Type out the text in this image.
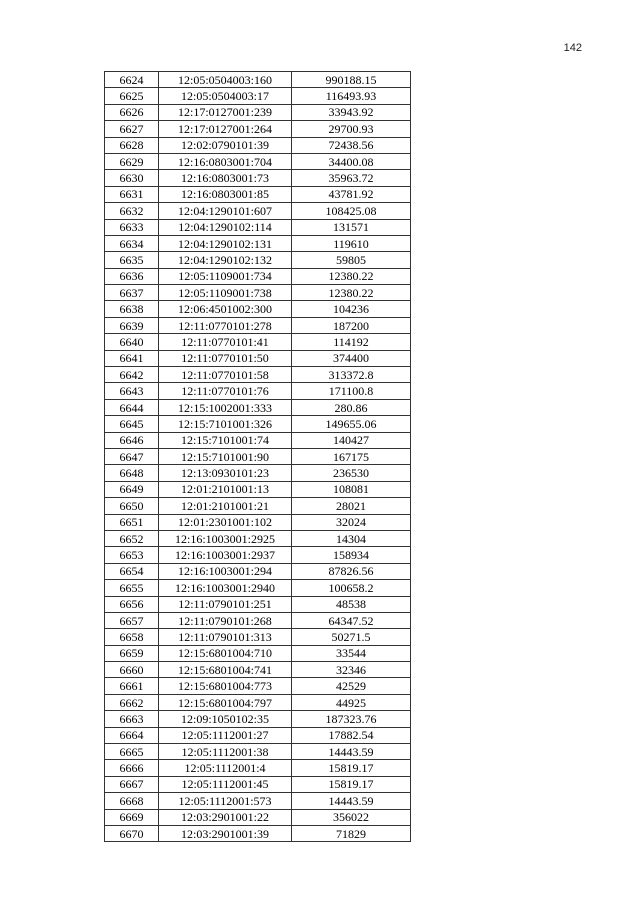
142
6624	12:05:0504003:160	990188.15
6625	12:05:0504003:17	116493.93
6626	12:17:0127001:239	33943.92
6627	12:17:0127001:264	29700.93
6628	12:02:0790101:39	72438.56
6629	12:16:0803001:704	34400.08
6630	12:16:0803001:73	35963.72
6631	12:16:0803001:85	43781.92
6632	12:04:1290101:607	108425.08
6633	12:04:1290102:114	131571
6634	12:04:1290102:131	119610
6635	12:04:1290102:132	59805
6636	12:05:1109001:734	12380.22
6637	12:05:1109001:738	12380.22
6638	12:06:4501002:300	104236
6639	12:11:0770101:278	187200
6640	12:11:0770101:41	114192
6641	12:11:0770101:50	374400
6642	12:11:0770101:58	313372.8
6643	12:11:0770101:76	171100.8
6644	12:15:1002001:333	280.86
6645	12:15:7101001:326	149655.06
6646	12:15:7101001:74	140427
6647	12:15:7101001:90	167175
6648	12:13:0930101:23	236530
6649	12:01:2101001:13	108081
6650	12:01:2101001:21	28021
6651	12:01:2301001:102	32024
6652	12:16:1003001:2925	14304
6653	12:16:1003001:2937	158934
6654	12:16:1003001:294	87826.56
6655	12:16:1003001:2940	100658.2
6656	12:11:0790101:251	48538
6657	12:11:0790101:268	64347.52
6658	12:11:0790101:313	50271.5
6659	12:15:6801004:710	33544
6660	12:15:6801004:741	32346
6661	12:15:6801004:773	42529
6662	12:15:6801004:797	44925
6663	12:09:1050102:35	187323.76
6664	12:05:1112001:27	17882.54
6665	12:05:1112001:38	14443.59
6666	12:05:1112001:4	15819.17
6667	12:05:1112001:45	15819.17
6668	12:05:1112001:573	14443.59
6669	12:03:2901001:22	356022
6670	12:03:2901001:39	71829
